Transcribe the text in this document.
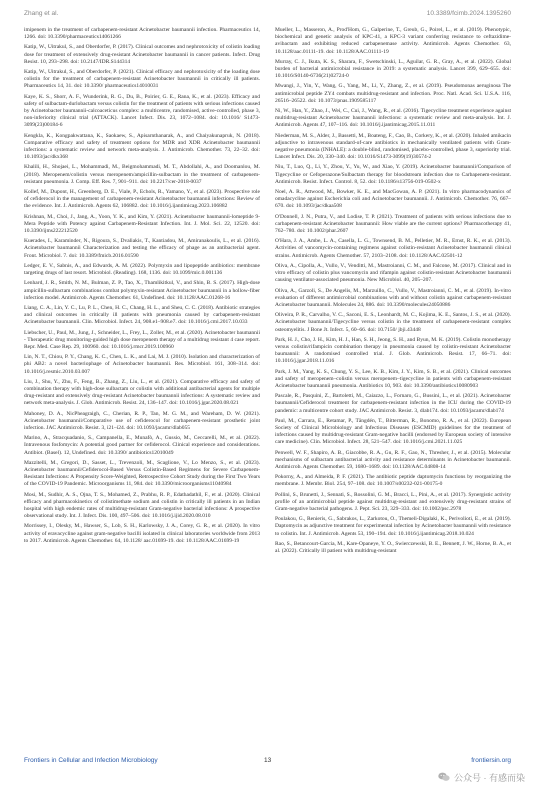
Zhang et al.	10.3389/fcimb.2024.1395260

imipenem in the treatment of carbapenem-resistant Acinetobacter baumannii infection. Pharmaceutics 14, 1266. doi: 10.3390/pharmaceutics14061266

Katip, W., Uitrakul, S., and Oberdorfer, P. (2017). Clinical outcomes and nephrotoxicity of colistin loading dose for treatment of extensively drug-resistant Acinetobacter baumannii in cancer patients. Infect. Drug Resist. 10, 293–298. doi: 10.2147/IDR.S144314

Katip, W., Uitrakul, S., and Oberdorfer, P. (2021). Clinical efficacy and nephrotoxicity of the loading dose colistin for the treatment of carbapenem-resistant Acinetobacter baumannii in critically ill patients. Pharmaceutics 14, 31. doi: 10.3390/ pharmaceutics14010031

Kaye, K. S., Shorr, A. F., Wunderink, R. G., Du, B., Poirier, G. E., Rana, K., et al. (2023). Efficacy and safety of sulbactam-durlobactam versus colistin for the treatment of patients with serious infections caused by Acinetobacter baumannii-calcoaceticus complex: a multicentre, randomised, active-controlled, phase 3, non-inferiority clinical trial (ATTACK). Lancet Infect. Dis. 23, 1072–1084. doi: 10.1016/ S1473-3099(23)00184-6

Kengkla, K., Kongpakwattana, K., Saokaew, S., Apisarnthanarak, A., and Chaiyakunapruk, N. (2018). Comparative efficacy and safety of treatment options for MDR and XDR Acinetobacter baumannii infections: a systematic review and network meta-analysis. J. Antimicrob. Chemother. 73, 22–32. doi: 10.1093/jac/dkx368

Khalili, H., Shojaei, L., Mohammadi, M., Beigmohammadi, M. T., Abdollahi, A., and Doomanlou, M. (2018). Meropenem/colistin versus meropenem/ampicillin-sulbactam in the treatment of carbapenem-resistant pneumonia. J. Comp. Eff. Res. 7, 901–911. doi: 10.2217/cer-2018-0037

Kollef, M., Dupont, H., Greenberg, D. E., Viale, P., Echols, R., Yamano, Y., et al. (2023). Prospective role of cefiderocol in the management of carbapenem-resistant Acinetobacter baumannii infections: Review of the evidence. Int. J. Antimicrob. Agents 62, 106882. doi: 10.1016/j.ijantimicag.2023.106882

Krishnan, M., Choi, J., Jang, A., Yoon, Y. K., and Kim, Y. (2021). Acinetobacter baumannii-lomeptide 9-Mera Peptide with Potency against Carbapenem-Resistant Infection. Int. J. Mol. Sci. 22, 12520. doi: 10.3390/ijms222212520

Kuerades, I., Karaminder, N., Rigoura, S., Dvaliakis, T., Kantiadou, M., Amiranakoulis, L., et al. (2016). Acinetobacter baumannii Characterization and testing the efficacy of phage as an antibacterial agent. Front. Microbiol. 7. doi: 10.3389/fmicb.2016.01590

Ledger, E. V., Sabnis, A., and Edwards, A. M. (2022). Polymyxin and lipopeptide antibiotics: membrane targeting drugs of last resort. Microbiol. (Reading). 168, 1136. doi: 10.1099/mic.0.001136

Lenhard, J. R., Smith, N. M., Bulman, Z. P., Tao, X., Thamlikitkul, V., and Shin, B. S. (2017). High-dose ampicillin-sulbactam combinations combat polymyxin-resistant Acinetobacter baumannii in a hollow-fiber infection model. Antimicrob. Agents Chemother. 61, Undefined. doi: 10.1128/AAC.01268-16

Liang, C. A., Lin, Y. C., Lu, P. L., Chen, H. C., Chang, H. L., and Sheu, C. C. (2018). Antibiotic strategies and clinical outcomes in critically ill patients with pneumonia caused by carbapenem-resistant Acinetobacter baumannii. Clin. Microbiol. Infect. 24, 908.e1–908.e7. doi: 10.1016/j.cmi.2017.10.033

Liebscher, U., Paul, M., Jung, J., Schneider, L., Frey, L., Zoller, M., et al. (2020). Acinetobacter baumannii - Therapeutic drug monitoring-guided high dose meropenem therapy of a multidrug resistant 4 case report. Repr. Med. Case Rep. 29, 100960. doi: 10.1016/j.rmcr.2019.100960

Lin, N. T., Chiou, P. Y., Chang, K. C., Chen, L. K., and Lai, M. J. (2010). Isolation and characterization of phi AB2: a novel bacteriophage of Acinetobacter baumannii. Res. Microbiol. 161, 308–314. doi: 10.1016/j.resmic.2010.03.007

Liu, J., Shu, Y., Zhu, F., Feng, B., Zhang, Z., Liu, L., et al. (2021). Comparative efficacy and safety of combination therapy with high-dose sulbactam or colistin with additional antibacterial agents for multiple drug-resistant and extensively drug-resistant Acinetobacter baumannii infections: A systematic review and network meta-analysis. J. Glob. Antimicrob. Resist. 24, 136–147. doi: 10.1016/j.jgar.2020.08.021

Mahoney, D. A., NicPheagraigh, C., Cherian, R. P., Tan, M. G. M., and Wareham, D. W. (2021). Acinetobacter baumannii/Comparative use of cefiderocol for carbapenem-resistant prosthetic joint infection. JAC Antimicrob. Resist. 3, i21–i24. doi: 10.1093/jacamr/dlab055

Marino, A., Stracquadanio, S., Campanella, E., Munafò, A., Gussio, M., Ceccarelli, M., et al. (2022). Intravenous fosfomycin: A potential good partner for cefiderocol. Clinical experience and considerations. Antibiot. (Basel). 12, Undefined. doi: 10.3390/ antibiotics12010049

Mazzitelli, M., Gregori, D., Sasset, L., Trevenzoli, M., Scaglione, V., Lo Menzo, S., et al. (2023). Acinetobacter baumannii/Cefiderocol-Based Versus Colistin-Based Regimens for Severe Carbapenem-Resistant Infections: A Propensity Score-Weighted, Retrospective Cohort Study during the First Two Years of the COVID-19 Pandemic. Microorganisms 11, 984. doi: 10.3390/microorganisms11040984

Mosi, M., Sudhir, A. S., Ojna, T. S., Mohamed, Z., Prabhu, R. P., Edathadathil, F., et al. (2020). Clinical efficacy and pharmacokinetics of colistimethate sodium and colistin in critically ill patients in an Indian hospital with high endemic rates of multidrug-resistant Gram-negative bacterial infections: A prospective observational study. Int. J. Infect. Dis. 100, 497–506. doi: 10.1016/j.ijid.2020.08.010

Morrissey, I., Olesky, M., Hawser, S., Lob, S. H., Karlowsky, J. A., Corey, G. R., et al. (2020). In vitro activity of eravacycline against gram-negative bacilli isolated in clinical laboratories worldwide from 2013 to 2017. Antimicrob. Agents Chemother. 64, 10.1128/ aac.01699-19. doi: 10.1128/AAC.01699-19

Mueller, L., Masseron, A., Prod'Hom, G., Galperine, T., Greub, G., Poirel, L., et al. (2019). Phenotypic, biochemical and genetic analysis of KPC-41, a KPC-3 variant conferring resistance to ceftazidime-avibactam and exhibiting reduced carbapenemase activity. Antimicrob. Agents Chemother. 63, 10.1128/aac.01111-19. doi: 10.1128/AAC.01111-19

Murray, C. J., Ikuta, K. S., Sharara, F., Swetschinski, L., Aguilar, G. R., Gray, A., et al. (2022). Global burden of bacterial antimicrobial resistance in 2019: a systematic analysis. Lancet 399, 629–655. doi: 10.1016/S0140-6736(21)02724-0

Mwangi, J., Yin, Y., Wang, G., Yang, M., Li, Y., Zhang, Z., et al. (2019). Pseudomonas aeruginosa The antimicrobial peptide ZY4 combats multidrug-resistant and infection. Proc. Natl. Acad. Sci. U.S.A. 116, 26516–26522. doi: 10.1073/pnas.1909585117

Ni, W., Han, Y., Zhao, J., Wei, C., Cui, J., Wang, R., et al. (2016). Tigecycline treatment experience against multidrug-resistant Acinetobacter baumannii infections: a systematic review and meta-analysis. Int. J. Antimicrob. Agents 47, 107–116. doi: 10.1016/j.ijantimicag.2015.11.011

Niederman, M. S., Alder, J., Bassetti, M., Boateng, F., Cao, B., Corkery, K., et al. (2020). Inhaled amikacin adjunctive to intravenous standard-of-care antibiotics in mechanically ventilated patients with Gram-negative pneumonia (INHALE): a double-blind, randomised, placebo-controlled, phase 3, superiority trial. Lancet Infect. Dis. 20, 330–340. doi: 10.1016/S1473-3099(19)30574-2

Niu, T., Luo, Q., Li, Y., Zhou, Y., Yu, W., and Xiao, Y. (2019). Acinetobacter baumannii/Comparison of Tigecycline or Cefoperazone/Sulbactam therapy for bloodstream infection due to Carbapenem-resistant. Antimicrob. Resist. Infect. Control. 8, 52. doi: 10.1186/s13756-019-0502-x

Noel, A. R., Attwood, M., Bowker, K. E., and MacGowan, A. P. (2021). In vitro pharmacodynamics of omadacycline against Escherichia coli and Acinetobacter baumannii. J. Antimicrob. Chemother. 76, 667–670. doi: 10.1093/jac/dkaa508

O'Donnell, J. N., Putra, V., and Lodise, T. P. (2021). Treatment of patients with serious infections due to carbapenem-resistant Acinetobacter baumannii: How viable are the current options? Pharmacotherapy 41, 762–780. doi: 10.1002/phar.2607

O'Hara, J. A., Ambe, L. A., Casella, L. G., Townsend, B. M., Pelletier, M. R., Ernst, R. K., et al. (2013). Activities of vancomycin-containing regimens against colistin-resistant Acinetobacter baumannii clinical strains. Antimicrob. Agents Chemother. 57, 2103–2108. doi: 10.1128/AAC.02501-12

Oliva, A., Cipolla, A., Vullo, V., Venditti, M., Mastroianni, C. M., and Falcone, M. (2017). Clinical and in vitro efficacy of colistin plus vancomycin and rifampin against colistin-resistant Acinetobacter baumannii causing ventilator-associated pneumonia. New Microbiol. 40, 205–207.

Oliva, A., Garzoli, S., De Angelis, M., Marzuillo, C., Vullo, V., Mastroianni, C. M., et al. (2019). In-vitro evaluation of different antimicrobial combinations with and without colistin against carbapenem-resistant Acinetobacter baumannii. Molecules 24, 886. doi: 10.3390/molecules24050886

Oliveira, P. R., Carvalho, V. C., Saconi, E. S., Leonhardt, M. C., Kojima, K. E., Santos, J. S., et al. (2020). Acinetobacter baumannii/Tigecycline versus colistin in the treatment of carbapenem-resistant complex osteomyelitis. J Bone Jt. Infect. 5, 60–66. doi: 10.7150/ jbji.43448

Park, H. J., Cho, J. H., Kim, H. J., Han, S. H., Jeong, S. H., and Byun, M. K. (2019). Colistin monotherapy versus colistin/rifampicin combination therapy in pneumonia caused by colistin-resistant Acinetobacter baumannii: A randomised controlled trial. J. Glob. Antimicrob. Resist. 17, 66–71. doi: 10.1016/j.jgar.2018.11.016

Park, J. M., Yang, K. S., Chung, Y. S., Lee, K. B., Kim, J. Y., Kim, S. B., et al. (2021). Clinical outcomes and safety of meropenem–colistin versus meropenem–tigecycline in patients with carbapenem-resistant Acinetobacter baumannii pneumonia. Antibiotics 10, 903. doi: 10.3390/antibiotics10080903

Pascale, R., Pasquini, Z., Bartoletti, M., Caiazzo, L., Fornaro, G., Bussini, L., et al. (2021). Acinetobacter baumannii/Cefiderocol treatment for carbapenem-resistant infection in the ICU during the COVID-19 pandemic: a multicentre cohort study. JAC Antimicrob. Resist. 3, dlab174. doi: 10.1093/jacamr/dlab174

Paul, M., Carrara, E., Retamar, P., Tängdén, T., Bitterman, R., Bonomo, R. A., et al. (2022). European Society of Clinical Microbiology and Infectious Diseases (ESCMID) guidelines for the treatment of infections caused by multidrug-resistant Gram-negative bacilli (endorsed by European society of intensive care medicine). Clin. Microbiol. Infect. 28, 521–547. doi: 10.1016/j.cmi.2021.11.025

Penwell, W. F., Shapiro, A. B., Giacobbe, R. A., Gu, R. F., Gao, N., Thresher, J., et al. (2015). Molecular mechanisms of sulbactam antibacterial activity and resistance determinants in Acinetobacter baumannii. Antimicrob. Agents Chemother. 59, 1680–1689. doi: 10.1128/AAC.04808-14

Pokorny, A., and Almeida, P. F. (2021). The antibiotic peptide daptomycin functions by reorganizing the membrane. J. Membr. Biol. 254, 97–108. doi: 10.1007/s00232-021-00175-0

Pollini, S., Brunetti, J., Sennati, S., Rossolini, G. M., Bracci, L., Pini, A., et al. (2017). Synergistic activity profile of an antimicrobial peptide against multidrug-resistant and extensively drug-resistant strains of Gram-negative bacterial pathogens. J. Pept. Sci. 23, 329–333. doi: 10.1002/psc.2978

Poulakou, G., Renieris, G., Sabrakos, L., Zarkotou, O., Themeli-Digalaki, K., Perivolioti, E., et al. (2019). Daptomycin as adjunctive treatment for experimental infection by Acinetobacter baumannii with resistance to colistin. Int. J. Antimicrob. Agents 53, 190–194. doi: 10.1016/j.ijantimicag.2018.10.024

Rao, S., Betancourt-Garcia, M., Kare-Opaneye, Y. O., Swierczewski, B. E., Bennett, J. W., Horne, B. A., et al. (2022). Critically ill patient with multidrug-resistant

Frontiers in Cellular and Infection Microbiology	13	frontiersin.org
公众号 · 有感而染
